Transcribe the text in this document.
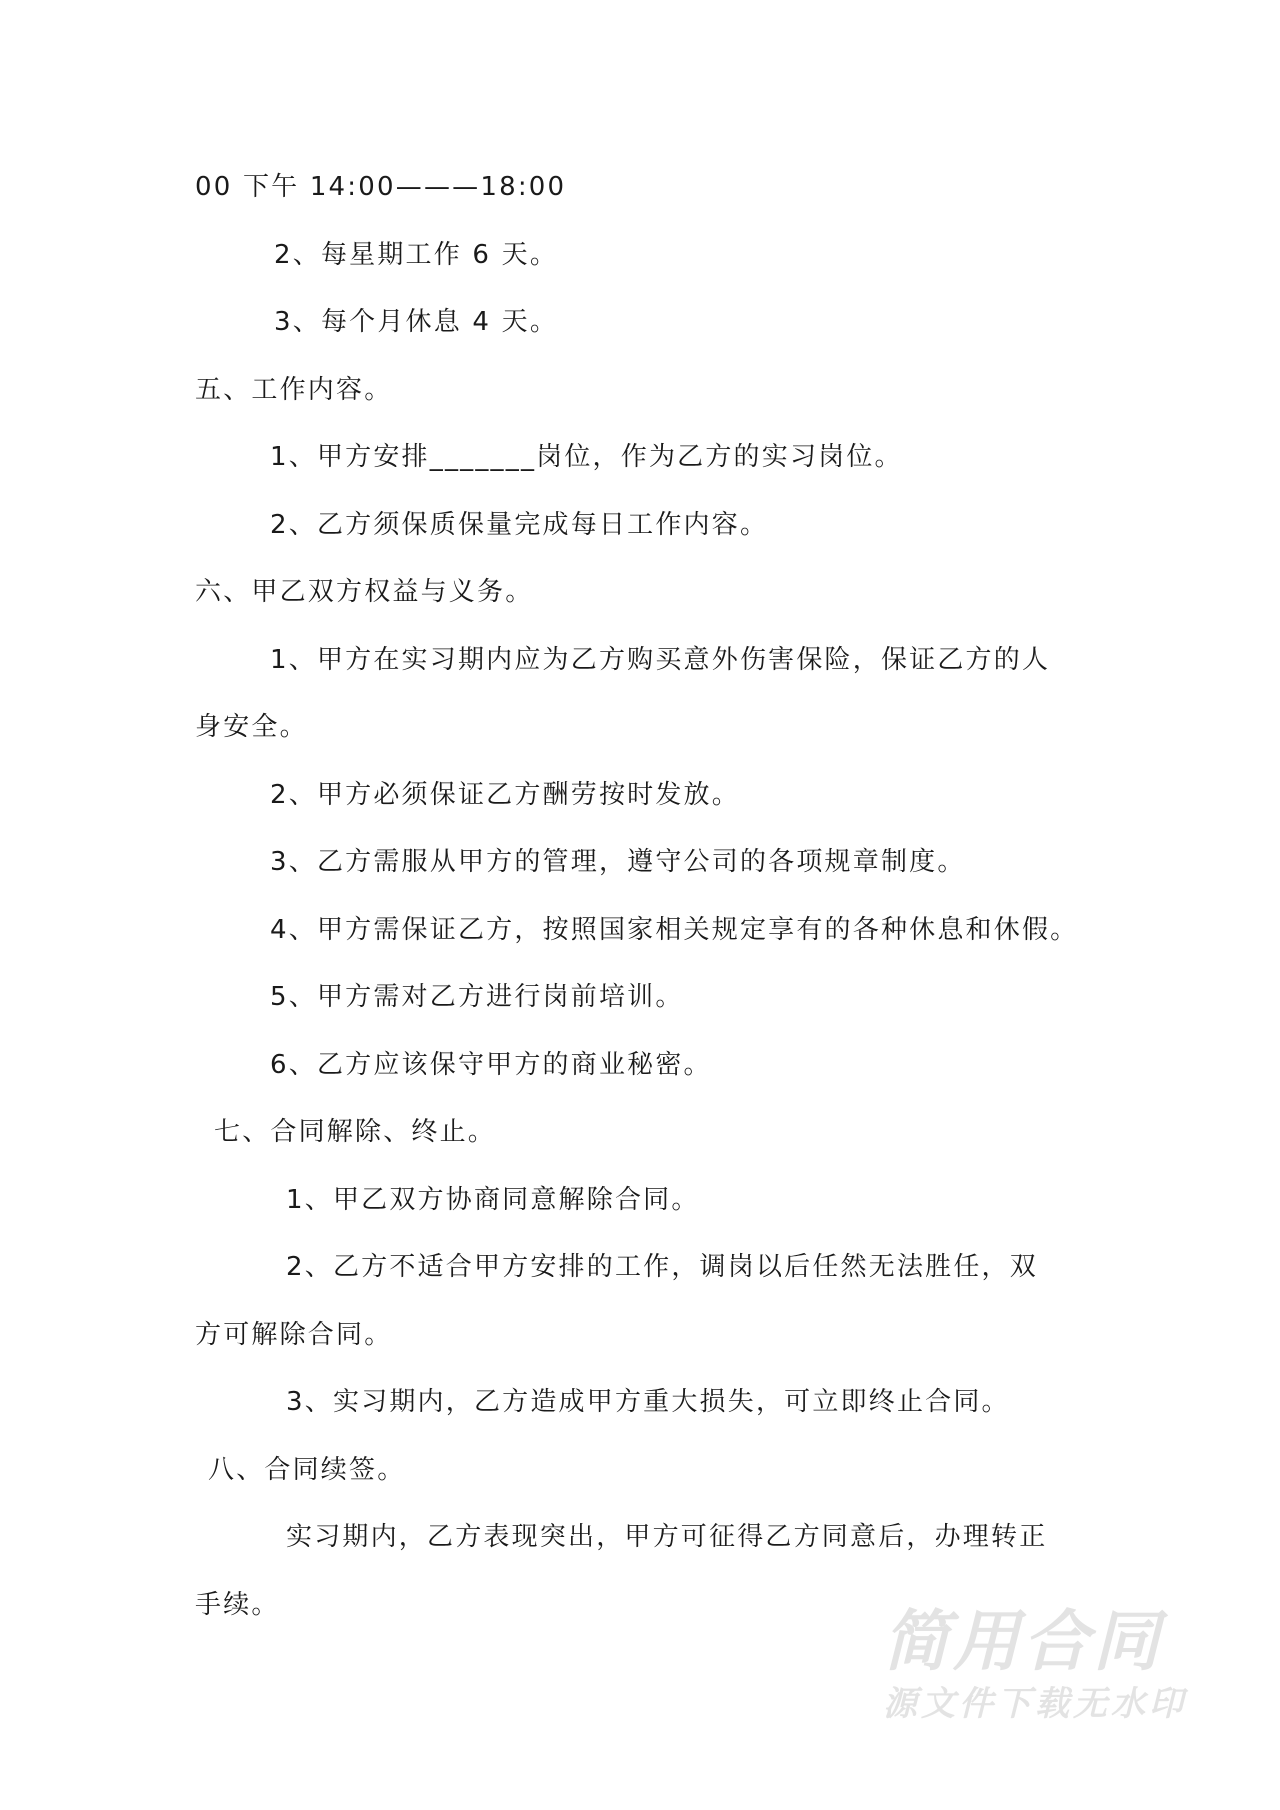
00 下午 14:00———18:00
2、每星期工作 6 天。
3、每个月休息 4 天。
五、工作内容。
1、甲方安排_______岗位，作为乙方的实习岗位。
2、乙方须保质保量完成每日工作内容。
六、甲乙双方权益与义务。
1、甲方在实习期内应为乙方购买意外伤害保险，保证乙方的人
身安全。
2、甲方必须保证乙方酬劳按时发放。
3、乙方需服从甲方的管理，遵守公司的各项规章制度。
4、甲方需保证乙方，按照国家相关规定享有的各种休息和休假。
5、甲方需对乙方进行岗前培训。
6、乙方应该保守甲方的商业秘密。
七、合同解除、终止。
1、甲乙双方协商同意解除合同。
2、乙方不适合甲方安排的工作，调岗以后任然无法胜任，双
方可解除合同。
3、实习期内，乙方造成甲方重大损失，可立即终止合同。
八、合同续签。
实习期内，乙方表现突出，甲方可征得乙方同意后，办理转正
手续。	简用合同
源文件下载无水印
